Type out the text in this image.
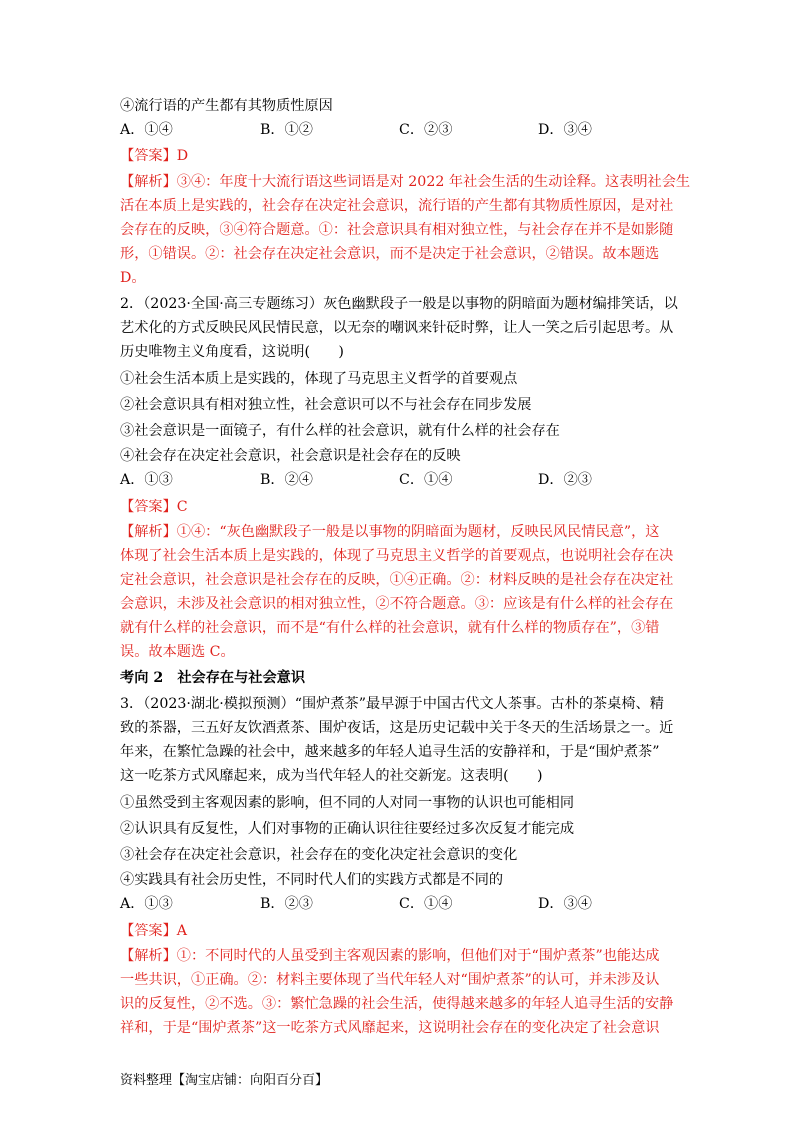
④流行语的产生都有其物质性原因
A．①④	B．①②	C．②③	D．③④
【答案】D
【解析】③④：年度十大流行语这些词语是对 2022 年社会生活的生动诠释。这表明社会生
活在本质上是实践的，社会存在决定社会意识，流行语的产生都有其物质性原因，是对社
会存在的反映，③④符合题意。①：社会意识具有相对独立性，与社会存在并不是如影随
形，①错误。②：社会存在决定社会意识，而不是决定于社会意识，②错误。故本题选
D。
2．（2023·全国·高三专题练习）灰色幽默段子一般是以事物的阴暗面为题材编排笑话，以
艺术化的方式反映民风民情民意，以无奈的嘲讽来针砭时弊，让人一笑之后引起思考。从
历史唯物主义角度看，这说明(　　)
①社会生活本质上是实践的，体现了马克思主义哲学的首要观点
②社会意识具有相对独立性，社会意识可以不与社会存在同步发展
③社会意识是一面镜子，有什么样的社会意识，就有什么样的社会存在
④社会存在决定社会意识，社会意识是社会存在的反映
A．①③	B．②④	C．①④	D．②③
【答案】C
【解析】①④：“灰色幽默段子一般是以事物的阴暗面为题材，反映民风民情民意”，这
体现了社会生活本质上是实践的，体现了马克思主义哲学的首要观点，也说明社会存在决
定社会意识，社会意识是社会存在的反映，①④正确。②：材料反映的是社会存在决定社
会意识，未涉及社会意识的相对独立性，②不符合题意。③：应该是有什么样的社会存在
就有什么样的社会意识，而不是“有什么样的社会意识，就有什么样的物质存在”，③错
误。故本题选 C。
考向 2　社会存在与社会意识
3．（2023·湖北·模拟预测）“围炉煮茶”最早源于中国古代文人茶事。古朴的茶桌椅、精
致的茶器，三五好友饮酒煮茶、围炉夜话，这是历史记载中关于冬天的生活场景之一。近
年来，在繁忙急躁的社会中，越来越多的年轻人追寻生活的安静祥和，于是“围炉煮茶”
这一吃茶方式风靡起来，成为当代年轻人的社交新宠。这表明(　　)
①虽然受到主客观因素的影响，但不同的人对同一事物的认识也可能相同
②认识具有反复性，人们对事物的正确认识往往要经过多次反复才能完成
③社会存在决定社会意识，社会存在的变化决定社会意识的变化
④实践具有社会历史性，不同时代人们的实践方式都是不同的
A．①③	B．②③	C．①④	D．③④
【答案】A
【解析】①：不同时代的人虽受到主客观因素的影响，但他们对于“围炉煮茶”也能达成
一些共识，①正确。②：材料主要体现了当代年轻人对“围炉煮茶”的认可，并未涉及认
识的反复性，②不选。③：繁忙急躁的社会生活，使得越来越多的年轻人追寻生活的安静
祥和，于是“围炉煮茶”这一吃茶方式风靡起来，这说明社会存在的变化决定了社会意识
资料整理【淘宝店铺：向阳百分百】
